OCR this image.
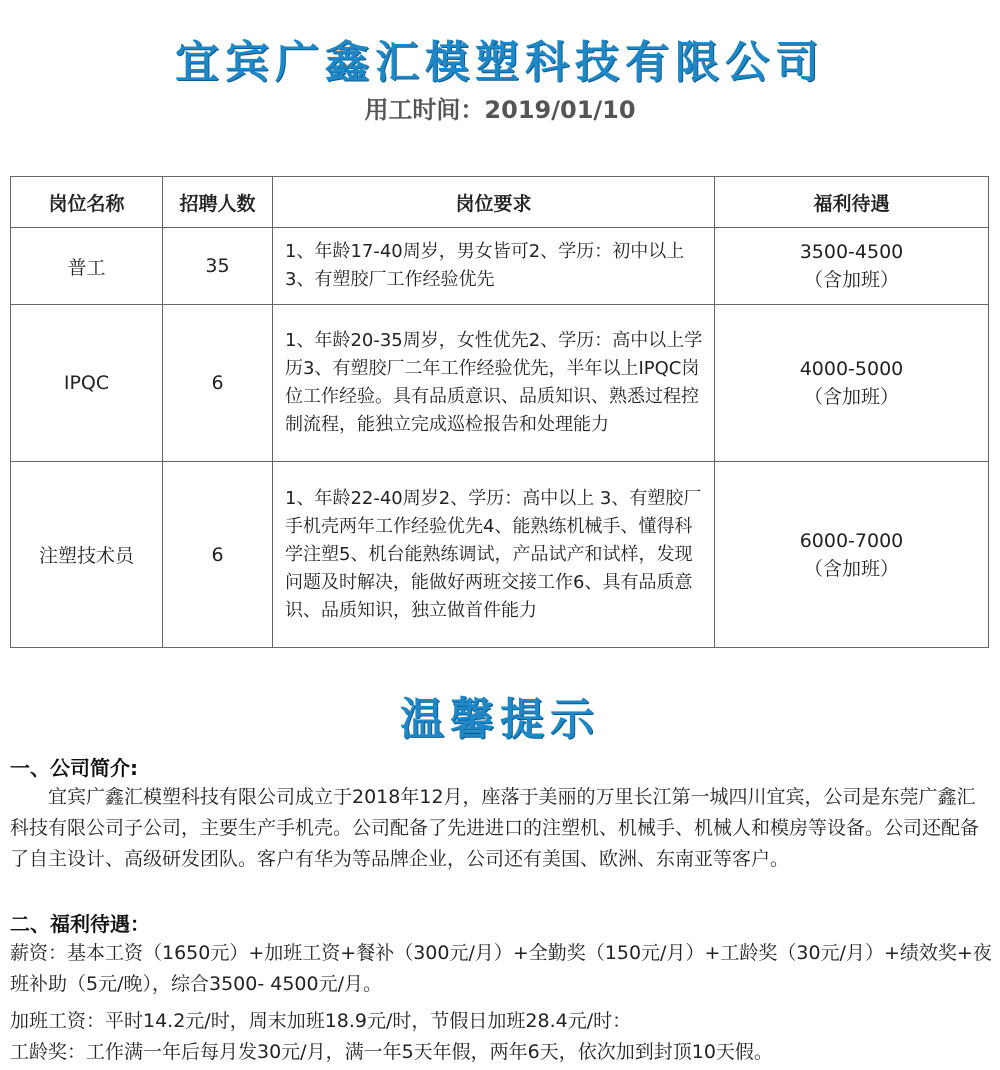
宜宾广鑫汇模塑科技有限公司
用工时间：2019/01/10
岗位名称	招聘人数	岗位要求	福利待遇
普工	35	1、年龄17-40周岁，男女皆可2、学历：初中以上3、有塑胶厂工作经验优先	3500-4500
（含加班）

IPQC	6	1、年龄20-35周岁，女性优先2、学历：高中以上学历3、有塑胶厂二年工作经验优先，半年以上IPQC岗位工作经验。具有品质意识、品质知识、熟悉过程控制流程，能独立完成巡检报告和处理能力	4000-5000
（含加班）

注塑技术员	6	1、年龄22-40周岁2、学历：高中以上 3、有塑胶厂手机壳两年工作经验优先4、能熟练机械手、懂得科学注塑5、机台能熟练调试，产品试产和试样，发现问题及时解决，能做好两班交接工作6、具有品质意识、品质知识，独立做首件能力	6000-7000
（含加班）
温馨提示
一、公司简介:
宜宾广鑫汇模塑科技有限公司成立于2018年12月，座落于美丽的万里长江第一城四川宜宾，公司是东莞广鑫汇科技有限公司子公司，主要生产手机壳。公司配备了先进进口的注塑机、机械手、机械人和模房等设备。公司还配备了自主设计、高级研发团队。客户有华为等品牌企业，公司还有美国、欧洲、东南亚等客户。
二、福利待遇：
薪资：基本工资（1650元）+加班工资+餐补（300元/月）+全勤奖（150元/月）+工龄奖（30元/月）+绩效奖+夜班补助（5元/晚），综合3500- 4500元/月。
加班工资：平时14.2元/时，周末加班18.9元/时，节假日加班28.4元/时：
工龄奖：工作满一年后每月发30元/月，满一年5天年假，两年6天，依次加到封顶10天假。
